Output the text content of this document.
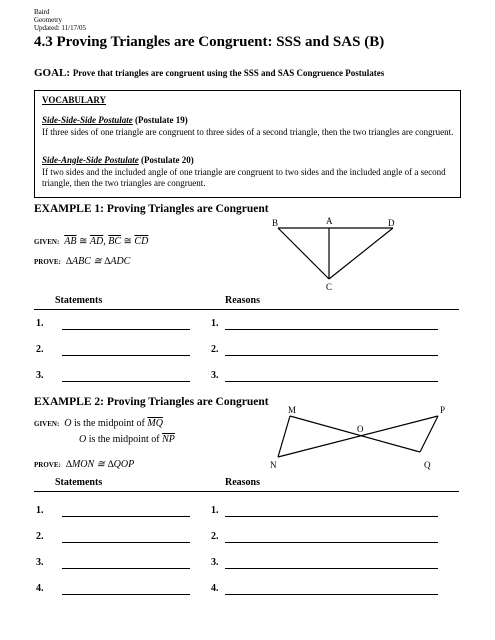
Baird
Geometry
Updated: 11/17/05
4.3 Proving Triangles are Congruent: SSS and SAS (B)
GOAL: Prove that triangles are congruent using the SSS and SAS Congruence Postulates
VOCABULARY
Side-Side-Side Postulate (Postulate 19)
If three sides of one triangle are congruent to three sides of a second triangle, then the two triangles are congruent.
Side-Angle-Side Postulate (Postulate 20)
If two sides and the included angle of one triangle are congruent to two sides and the included angle of a second triangle, then the two triangles are congruent.
EXAMPLE 1: Proving Triangles are Congruent
GIVEN: $\overline{AB}$ ≅ $\overline{AD}$, $\overline{BC}$ ≅ $\overline{CD}$
PROVE: ∆ABC ≅ ∆ADC
B	A	D
C
Statements	Reasons
1.	1.
2.	2.
3.	3.
EXAMPLE 2: Proving Triangles are Congruent
GIVEN: O is the midpoint of $\overline{MQ}$
O is the midpoint of $\overline{NP}$
PROVE: ∆MON ≅ ∆QOP
M	P
O
N	Q
Statements	Reasons
1.	1.
2.	2.
3.	3.
4.	4.
